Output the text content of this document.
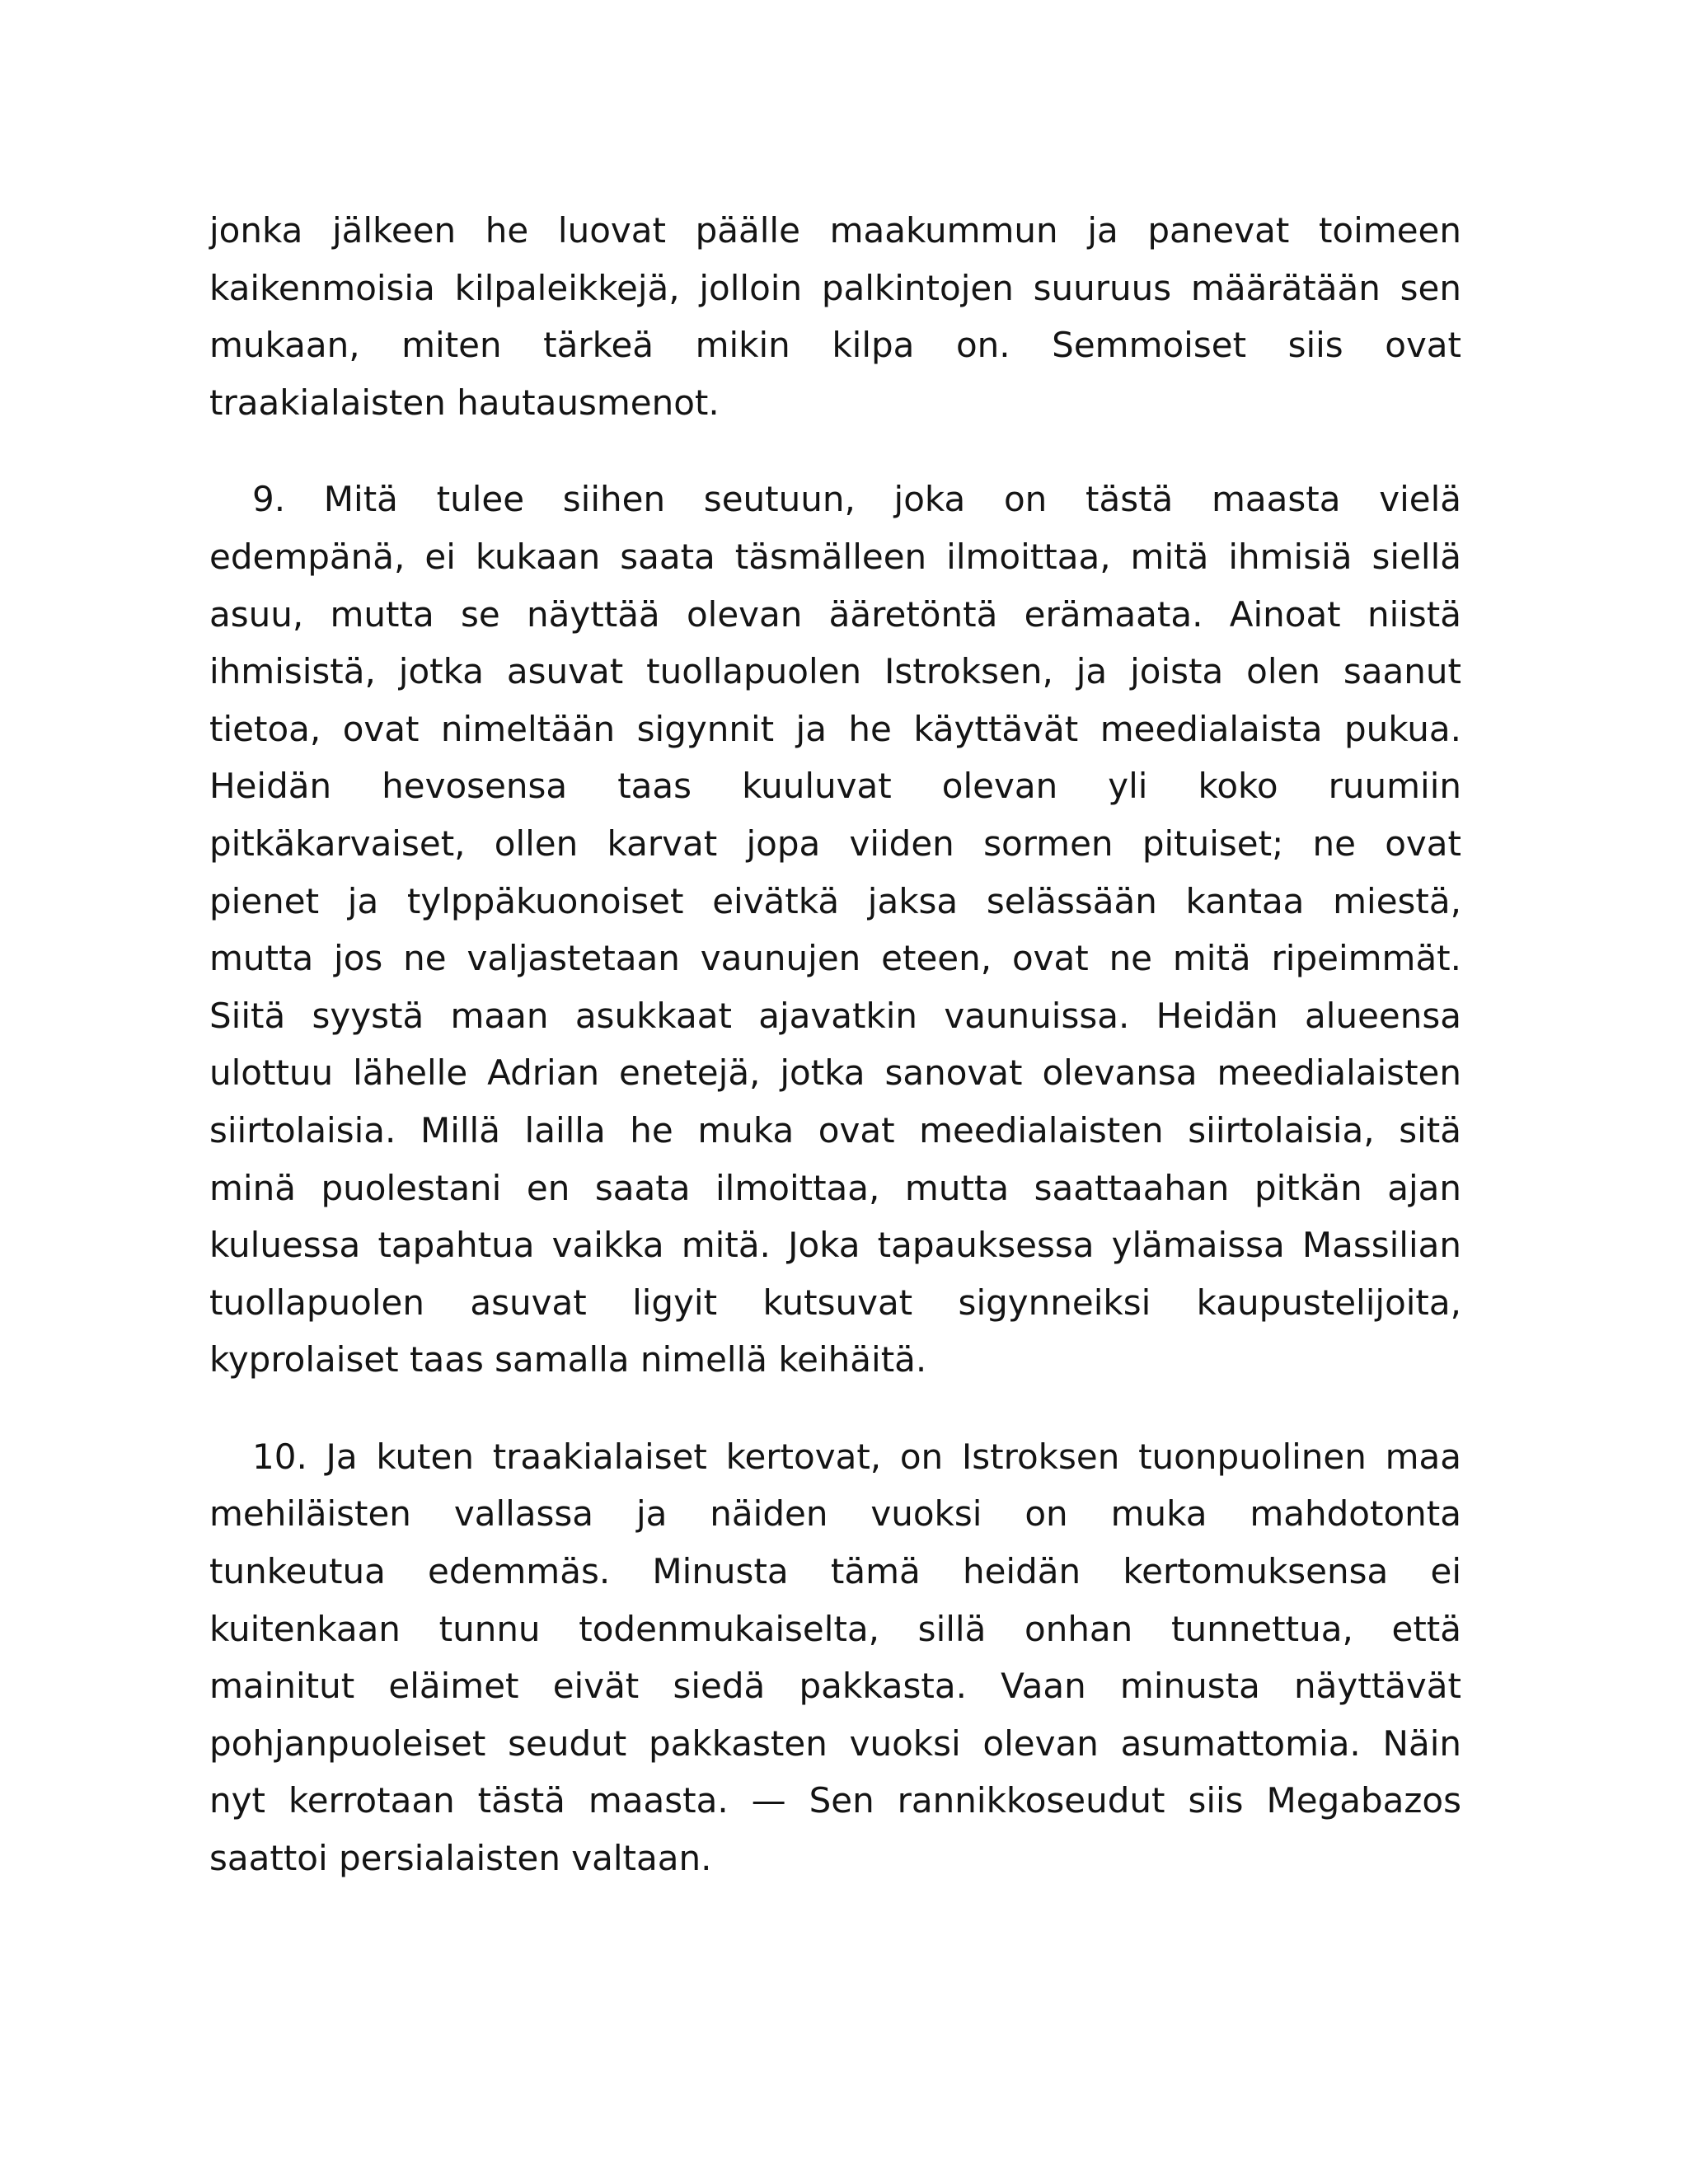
jonka jälkeen he luovat päälle maakummun ja panevat toimeen
kaikenmoisia kilpaleikkejä, jolloin palkintojen suuruus määrätään sen
mukaan, miten tärkeä mikin kilpa on. Semmoiset siis ovat
traakialaisten hautausmenot.
9. Mitä tulee siihen seutuun, joka on tästä maasta vielä
edempänä, ei kukaan saata täsmälleen ilmoittaa, mitä ihmisiä siellä
asuu, mutta se näyttää olevan ääretöntä erämaata. Ainoat niistä
ihmisistä, jotka asuvat tuollapuolen Istroksen, ja joista olen saanut
tietoa, ovat nimeltään sigynnit ja he käyttävät meedialaista pukua.
Heidän hevosensa taas kuuluvat olevan yli koko ruumiin
pitkäkarvaiset, ollen karvat jopa viiden sormen pituiset; ne ovat
pienet ja tylppäkuonoiset eivätkä jaksa selässään kantaa miestä,
mutta jos ne valjastetaan vaunujen eteen, ovat ne mitä ripeimmät.
Siitä syystä maan asukkaat ajavatkin vaunuissa. Heidän alueensa
ulottuu lähelle Adrian enetejä, jotka sanovat olevansa meedialaisten
siirtolaisia. Millä lailla he muka ovat meedialaisten siirtolaisia, sitä
minä puolestani en saata ilmoittaa, mutta saattaahan pitkän ajan
kuluessa tapahtua vaikka mitä. Joka tapauksessa ylämaissa Massilian
tuollapuolen asuvat ligyit kutsuvat sigynneiksi kaupustelijoita,
kyprolaiset taas samalla nimellä keihäitä.
10. Ja kuten traakialaiset kertovat, on Istroksen tuonpuolinen maa
mehiläisten vallassa ja näiden vuoksi on muka mahdotonta
tunkeutua edemmäs. Minusta tämä heidän kertomuksensa ei
kuitenkaan tunnu todenmukaiselta, sillä onhan tunnettua, että
mainitut eläimet eivät siedä pakkasta. Vaan minusta näyttävät
pohjanpuoleiset seudut pakkasten vuoksi olevan asumattomia. Näin
nyt kerrotaan tästä maasta. — Sen rannikkoseudut siis Megabazos
saattoi persialaisten valtaan.
